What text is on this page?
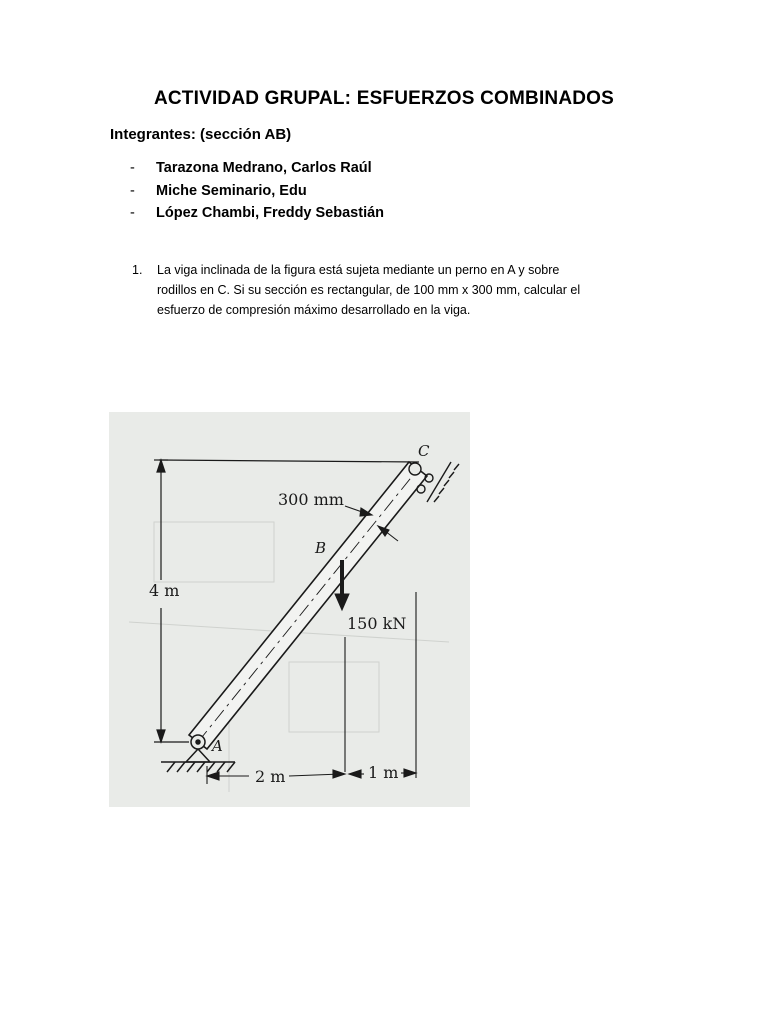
ACTIVIDAD GRUPAL: ESFUERZOS COMBINADOS
Integrantes: (sección AB)
- Tarazona Medrano, Carlos Raúl
- Miche Seminario, Edu
- López Chambi, Freddy Sebastián
1. La viga inclinada de la figura está sujeta mediante un perno en A y sobre
rodillos en C. Si su sección es rectangular, de 100 mm x 300 mm, calcular el
esfuerzo de compresión máximo desarrollado en la viga.
4 m
C
300 mm
B
150 kN
A
2 m	1 m
